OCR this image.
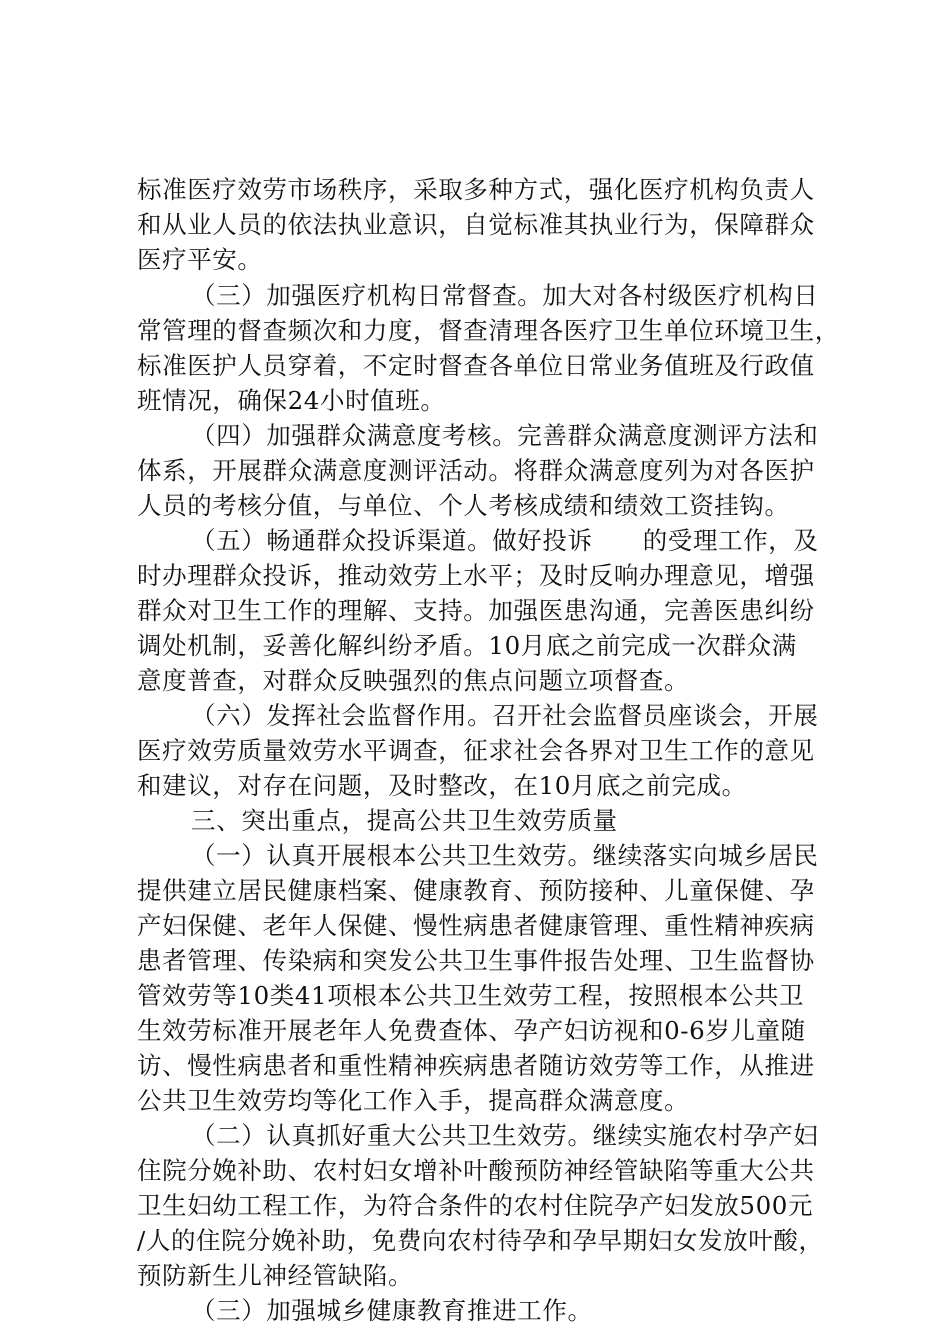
标准医疗效劳市场秩序，采取多种方式，强化医疗机构负责人
和从业人员的依法执业意识，自觉标准其执业行为，保障群众
医疗平安。
（三）加强医疗机构日常督查。加大对各村级医疗机构日
常管理的督查频次和力度，督查清理各医疗卫生单位环境卫生，
标准医护人员穿着，不定时督查各单位日常业务值班及行政值
班情况，确保24小时值班。
（四）加强群众满意度考核。完善群众满意度测评方法和
体系，开展群众满意度测评活动。将群众满意度列为对各医护
人员的考核分值，与单位、个人考核成绩和绩效工资挂钩。
（五）畅通群众投诉渠道。做好投诉　　的受理工作，及
时办理群众投诉，推动效劳上水平；及时反响办理意见，增强
群众对卫生工作的理解、支持。加强医患沟通，完善医患纠纷
调处机制，妥善化解纠纷矛盾。10月底之前完成一次群众满
意度普查，对群众反映强烈的焦点问题立项督查。
（六）发挥社会监督作用。召开社会监督员座谈会，开展
医疗效劳质量效劳水平调查，征求社会各界对卫生工作的意见
和建议，对存在问题，及时整改，在10月底之前完成。
三、突出重点，提高公共卫生效劳质量
（一）认真开展根本公共卫生效劳。继续落实向城乡居民
提供建立居民健康档案、健康教育、预防接种、儿童保健、孕
产妇保健、老年人保健、慢性病患者健康管理、重性精神疾病
患者管理、传染病和突发公共卫生事件报告处理、卫生监督协
管效劳等10类41项根本公共卫生效劳工程，按照根本公共卫
生效劳标准开展老年人免费查体、孕产妇访视和0-6岁儿童随
访、慢性病患者和重性精神疾病患者随访效劳等工作，从推进
公共卫生效劳均等化工作入手，提高群众满意度。
（二）认真抓好重大公共卫生效劳。继续实施农村孕产妇
住院分娩补助、农村妇女增补叶酸预防神经管缺陷等重大公共
卫生妇幼工程工作，为符合条件的农村住院孕产妇发放500元
/人的住院分娩补助，免费向农村待孕和孕早期妇女发放叶酸，
预防新生儿神经管缺陷。
（三）加强城乡健康教育推进工作。
